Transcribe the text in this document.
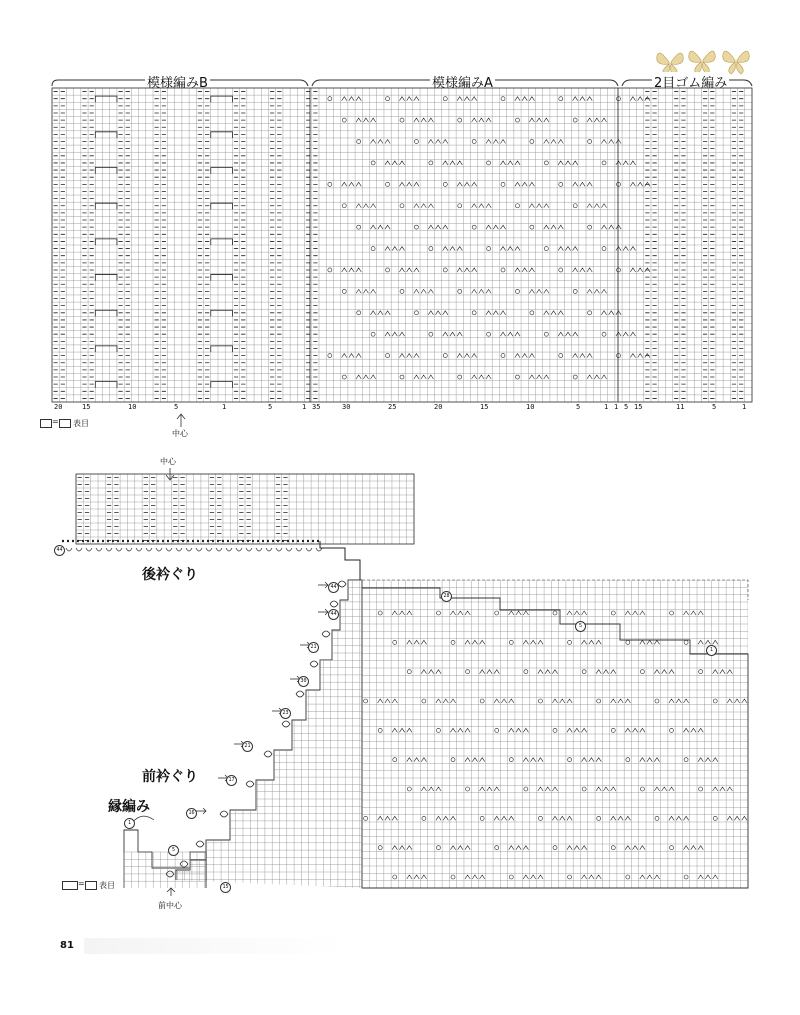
模様編みB	模様編みA	2目ゴム編み
20	15	10	5	1	5	1 35	30	25	20	15	10	5	1 1 5 15	11	5	1
= 表目
中心
中心
後衿ぐり
前衿ぐり
縁編み
前中心
= 表目
28
5
1
44
44
44
21
30
23
21
17
16
1
5
15
81
